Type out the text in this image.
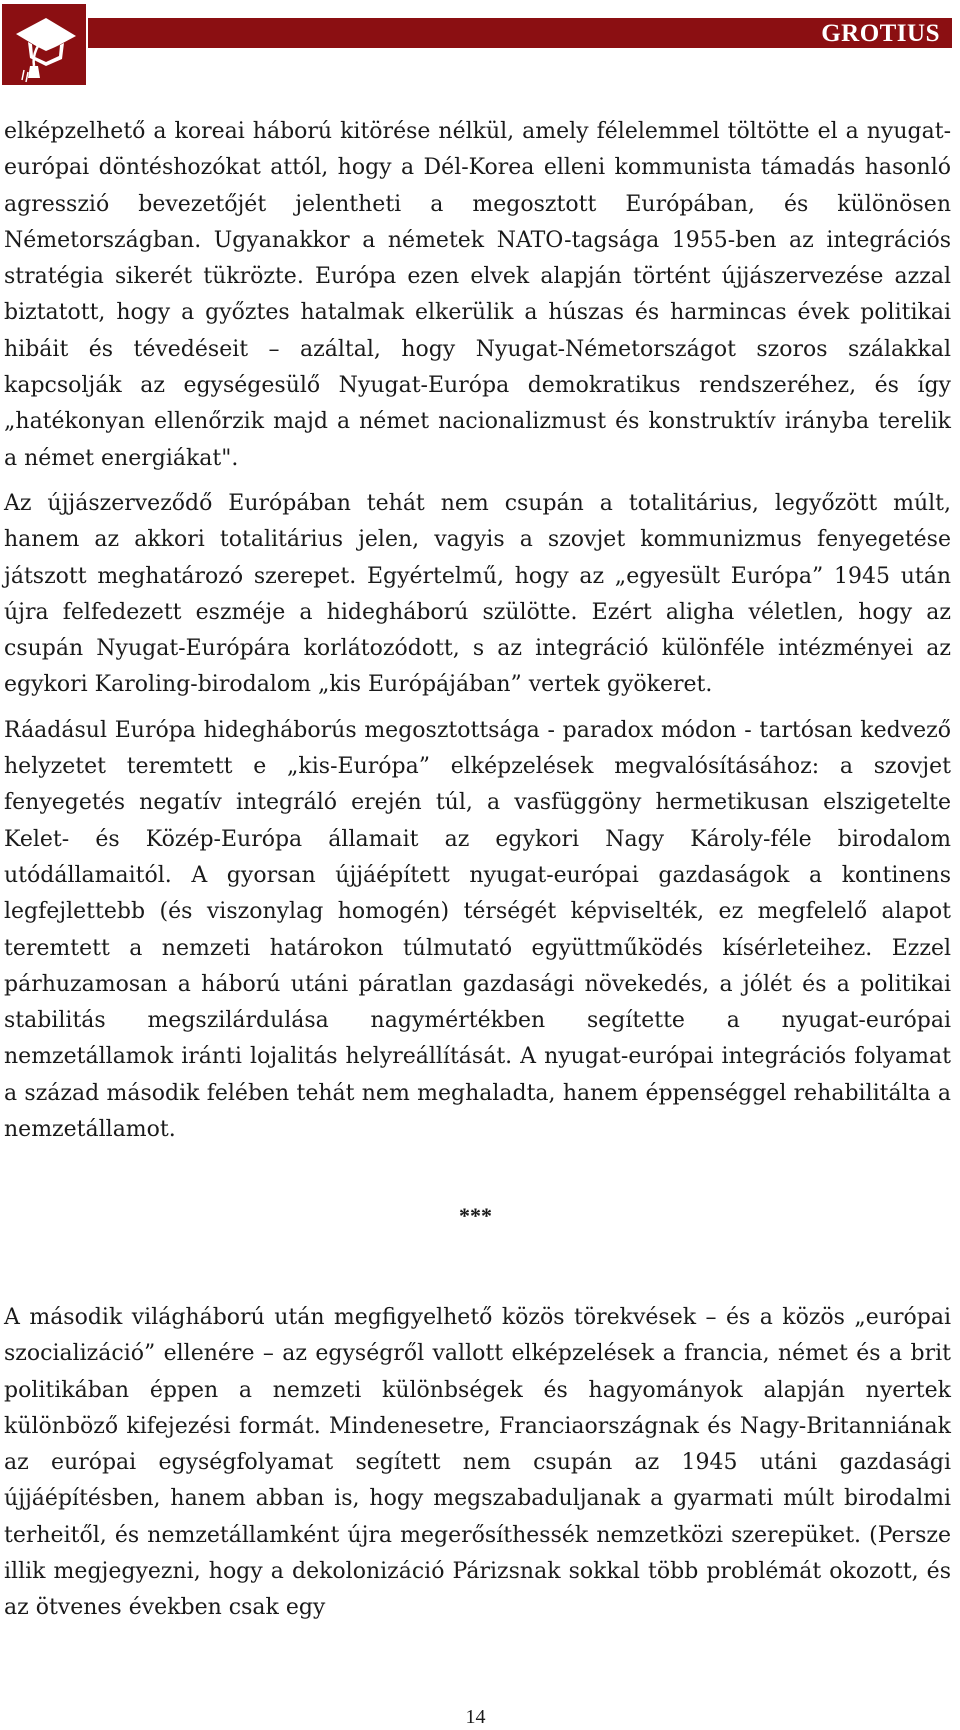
GROTIUS

elképzelhető a koreai háború kitörése nélkül, amely félelemmel töltötte el a nyugat-európai döntéshozókat attól, hogy a Dél-Korea elleni kommunista támadás hasonló agresszió bevezetőjét jelentheti a megosztott Európában, és különösen Németországban. Ugyanakkor a németek NATO-tagsága 1955-ben az integrációs stratégia sikerét tükrözte. Európa ezen elvek alapján történt újjászervezése azzal biztatott, hogy a győztes hatalmak elkerülik a húszas és harmincas évek politikai hibáit és tévedéseit – azáltal, hogy Nyugat-Németországot szoros szálakkal kapcsolják az egységesülő Nyugat-Európa demokratikus rendszeréhez, és így „hatékonyan ellenőrzik majd a német nacionalizmust és konstruktív irányba terelik a német energiákat".

Az újjászerveződő Európában tehát nem csupán a totalitárius, legyőzött múlt, hanem az akkori totalitárius jelen, vagyis a szovjet kommunizmus fenyegetése játszott meghatározó szerepet. Egyértelmű, hogy az „egyesült Európa” 1945 után újra felfedezett eszméje a hidegháború szülötte. Ezért aligha véletlen, hogy az csupán Nyugat-Európára korlátozódott, s az integráció különféle intézményei az egykori Karoling-birodalom „kis Európájában” vertek gyökeret.

Ráadásul Európa hidegháborús megosztottsága - paradox módon - tartósan kedvező helyzetet teremtett e „kis-Európa” elképzelések megvalósításához: a szovjet fenyegetés negatív integráló erején túl, a vasfüggöny hermetikusan elszigetelte Kelet- és Közép-Európa államait az egykori Nagy Károly-féle birodalom utódállamaitól. A gyorsan újjáépített nyugat-európai gazdaságok a kontinens legfejlettebb (és viszonylag homogén) térségét képviselték, ez megfelelő alapot teremtett a nemzeti határokon túlmutató együttműködés kísérleteihez. Ezzel párhuzamosan a háború utáni páratlan gazdasági növekedés, a jólét és a politikai stabilitás megszilárdulása nagymértékben segítette a nyugat-európai nemzetállamok iránti lojalitás helyreállítását. A nyugat-európai integrációs folyamat a század második felében tehát nem meghaladta, hanem éppenséggel rehabilitálta a nemzetállamot.

***

A második világháború után megfigyelhető közös törekvések – és a közös „európai szocializáció” ellenére – az egységről vallott elképzelések a francia, német és a brit politikában éppen a nemzeti különbségek és hagyományok alapján nyertek különböző kifejezési formát. Mindenesetre, Franciaországnak és Nagy-Britanniának az európai egységfolyamat segített nem csupán az 1945 utáni gazdasági újjáépítésben, hanem abban is, hogy megszabaduljanak a gyarmati múlt birodalmi terheitől, és nemzetállamként újra megerősíthessék nemzetközi szerepüket. (Persze illik megjegyezni, hogy a dekolonizáció Párizsnak sokkal több problémát okozott, és az ötvenes években csak egy

14
